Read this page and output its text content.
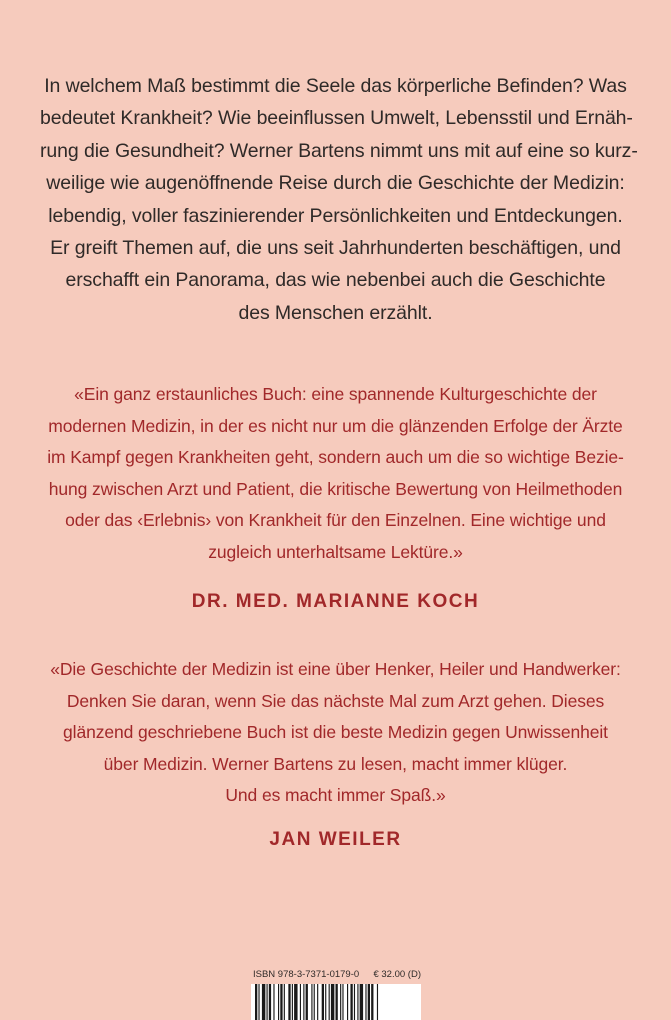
In welchem Maß bestimmt die Seele das körperliche Befinden? Was
bedeutet Krankheit? Wie beeinflussen Umwelt, Lebensstil und Ernäh-
rung die Gesundheit? Werner Bartens nimmt uns mit auf eine so kurz-
weilige wie augenöffnende Reise durch die Geschichte der Medizin:
lebendig, voller faszinierender Persönlichkeiten und Entdeckungen.
Er greift Themen auf, die uns seit Jahrhunderten beschäftigen, und
erschafft ein Panorama, das wie nebenbei auch die Geschichte
des Menschen erzählt.

«Ein ganz erstaunliches Buch: eine spannende Kulturgeschichte der
modernen Medizin, in der es nicht nur um die glänzenden Erfolge der Ärzte
im Kampf gegen Krankheiten geht, sondern auch um die so wichtige Bezie-
hung zwischen Arzt und Patient, die kritische Bewertung von Heilmethoden
oder das ‹Erlebnis› von Krankheit für den Einzelnen. Eine wichtige und
zugleich unterhaltsame Lektüre.»

DR. MED. MARIANNE KOCH

«Die Geschichte der Medizin ist eine über Henker, Heiler und Handwerker:
Denken Sie daran, wenn Sie das nächste Mal zum Arzt gehen. Dieses
glänzend geschriebene Buch ist die beste Medizin gegen Unwissenheit
über Medizin. Werner Bartens zu lesen, macht immer klüger.
Und es macht immer Spaß.»

JAN WEILER

ISBN 978-3-7371-0179-0 € 32.00 (D)
